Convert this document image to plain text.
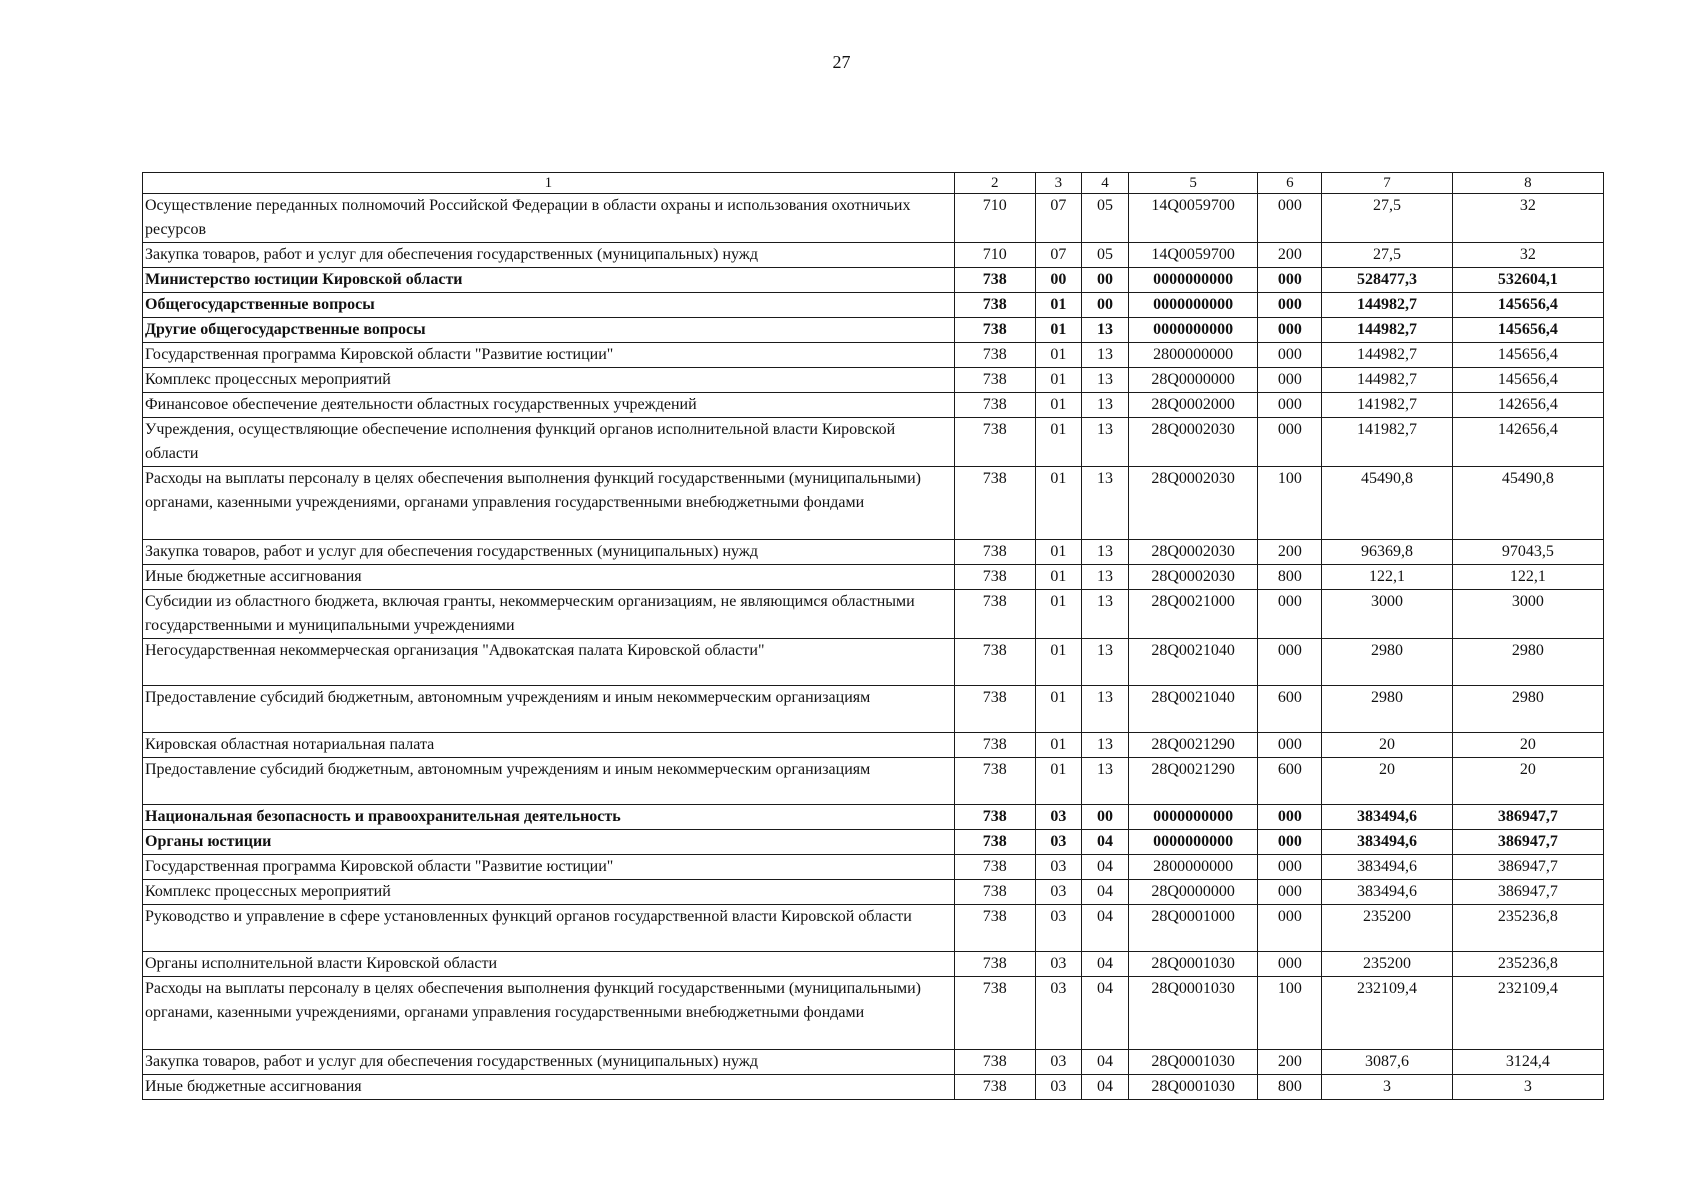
27
1	2	3	4	5	6	7	8
Осуществление переданных полномочий Российской Федерации в области охраны и использования охотничьих ресурсов	710	07	05	14Q0059700	000	27,5	32
Закупка товаров, работ и услуг для обеспечения государственных (муниципальных) нужд	710	07	05	14Q0059700	200	27,5	32
Министерство юстиции Кировской области	738	00	00	0000000000	000	528477,3	532604,1
Общегосударственные вопросы	738	01	00	0000000000	000	144982,7	145656,4
Другие общегосударственные вопросы	738	01	13	0000000000	000	144982,7	145656,4
Государственная программа Кировской области "Развитие юстиции"	738	01	13	2800000000	000	144982,7	145656,4
Комплекс процессных мероприятий	738	01	13	28Q0000000	000	144982,7	145656,4
Финансовое обеспечение деятельности областных государственных учреждений	738	01	13	28Q0002000	000	141982,7	142656,4
Учреждения, осуществляющие обеспечение исполнения функций органов исполнительной власти Кировской области	738	01	13	28Q0002030	000	141982,7	142656,4
Расходы на выплаты персоналу в целях обеспечения выполнения функций государственными (муниципальными) органами, казенными учреждениями, органами управления государственными внебюджетными фондами	738	01	13	28Q0002030	100	45490,8	45490,8
Закупка товаров, работ и услуг для обеспечения государственных (муниципальных) нужд	738	01	13	28Q0002030	200	96369,8	97043,5
Иные бюджетные ассигнования	738	01	13	28Q0002030	800	122,1	122,1
Субсидии из областного бюджета, включая гранты, некоммерческим организациям, не являющимся областными государственными и муниципальными учреждениями	738	01	13	28Q0021000	000	3000	3000
Негосударственная некоммерческая организация "Адвокатская палата Кировской области"	738	01	13	28Q0021040	000	2980	2980
Предоставление субсидий бюджетным, автономным учреждениям и иным некоммерческим организациям	738	01	13	28Q0021040	600	2980	2980
Кировская областная нотариальная палата	738	01	13	28Q0021290	000	20	20
Предоставление субсидий бюджетным, автономным учреждениям и иным некоммерческим организациям	738	01	13	28Q0021290	600	20	20
Национальная безопасность и правоохранительная деятельность	738	03	00	0000000000	000	383494,6	386947,7
Органы юстиции	738	03	04	0000000000	000	383494,6	386947,7
Государственная программа Кировской области "Развитие юстиции"	738	03	04	2800000000	000	383494,6	386947,7
Комплекс процессных мероприятий	738	03	04	28Q0000000	000	383494,6	386947,7
Руководство и управление в сфере установленных функций органов государственной власти Кировской области	738	03	04	28Q0001000	000	235200	235236,8
Органы исполнительной власти Кировской области	738	03	04	28Q0001030	000	235200	235236,8
Расходы на выплаты персоналу в целях обеспечения выполнения функций государственными (муниципальными) органами, казенными учреждениями, органами управления государственными внебюджетными фондами	738	03	04	28Q0001030	100	232109,4	232109,4
Закупка товаров, работ и услуг для обеспечения государственных (муниципальных) нужд	738	03	04	28Q0001030	200	3087,6	3124,4
Иные бюджетные ассигнования	738	03	04	28Q0001030	800	3	3
